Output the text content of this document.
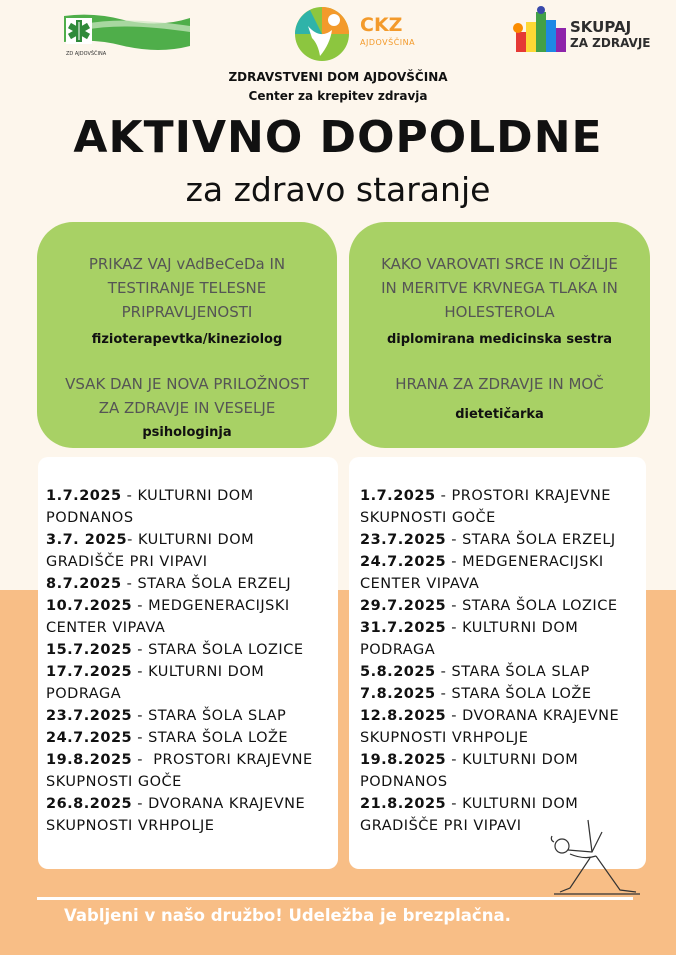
ZD AJDOVŠČINA
CKZ
AJDOVŠČINA
SKUPAJ
ZA ZDRAVJE
ZDRAVSTVENI DOM AJDOVŠČINA
Center za krepitev zdravja
AKTIVNO DOPOLDNE
za zdravo staranje
PRIKAZ VAJ vAdBeCeDa IN
TESTIRANJE TELESNE
PRIPRAVLJENOSTI
fizioterapevtka/kineziolog
VSAK DAN JE NOVA PRILOŽNOST
ZA ZDRAVJE IN VESELJE
psihologinja
KAKO VAROVATI SRCE IN OŽILJE
IN MERITVE KRVNEGA TLAKA IN
HOLESTEROLA
diplomirana medicinska sestra
HRANA ZA ZDRAVJE IN MOČ
dietetičarka
1.7.2025 - KULTURNI DOM
PODNANOS
3.7. 2025- KULTURNI DOM
GRADIŠČE PRI VIPAVI
8.7.2025 - STARA ŠOLA ERZELJ
10.7.2025 - MEDGENERACIJSKI
CENTER VIPAVA
15.7.2025 - STARA ŠOLA LOZICE
17.7.2025 - KULTURNI DOM
PODRAGA
23.7.2025 - STARA ŠOLA SLAP
24.7.2025 - STARA ŠOLA LOŽE
19.8.2025 -  PROSTORI KRAJEVNE
SKUPNOSTI GOČE
26.8.2025 - DVORANA KRAJEVNE
SKUPNOSTI VRHPOLJE
1.7.2025 - PROSTORI KRAJEVNE
SKUPNOSTI GOČE
23.7.2025 - STARA ŠOLA ERZELJ
24.7.2025 - MEDGENERACIJSKI
CENTER VIPAVA
29.7.2025 - STARA ŠOLA LOZICE
31.7.2025 - KULTURNI DOM
PODRAGA
5.8.2025 - STARA ŠOLA SLAP
7.8.2025 - STARA ŠOLA LOŽE
12.8.2025 - DVORANA KRAJEVNE
SKUPNOSTI VRHPOLJE
19.8.2025 - KULTURNI DOM
PODNANOS
21.8.2025 - KULTURNI DOM
GRADIŠČE PRI VIPAVI
Vabljeni v našo družbo! Udeležba je brezplačna.
